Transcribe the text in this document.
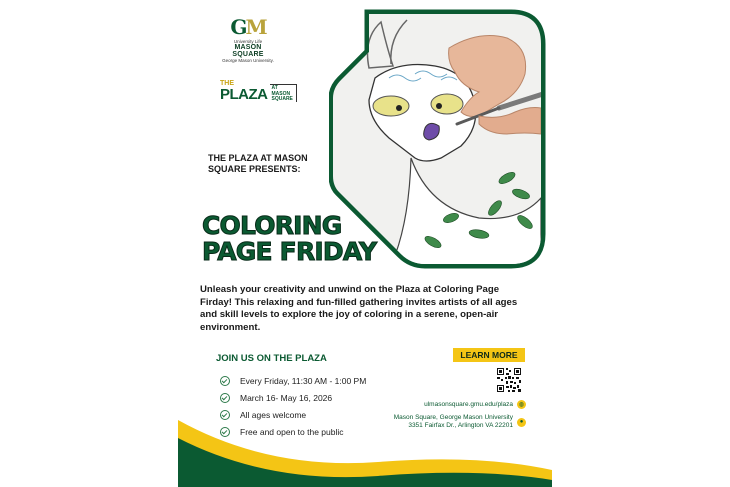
GM
University Life
MASON SQUARE
George Mason University.
THE
PLAZA AT
MASON
SQUARE
THE PLAZA AT MASON SQUARE PRESENTS:
COLORING
PAGE FRIDAY
Unleash your creativity and unwind on the Plaza at Coloring Page Firday! This relaxing and fun-filled gathering invites artists of all ages and skill levels to explore the joy of coloring in a serene, open-air environment.
JOIN US ON THE PLAZA
Every Friday, 11:30 AM - 1:00 PM
March 16- May 16, 2026
All ages welcome
Free and open to the public
LEARN MORE
ulmasonsquare.gmu.edu/plaza ◍
Mason Square, George Mason University
3351 Fairfax Dr., Arlington VA 22201	●
